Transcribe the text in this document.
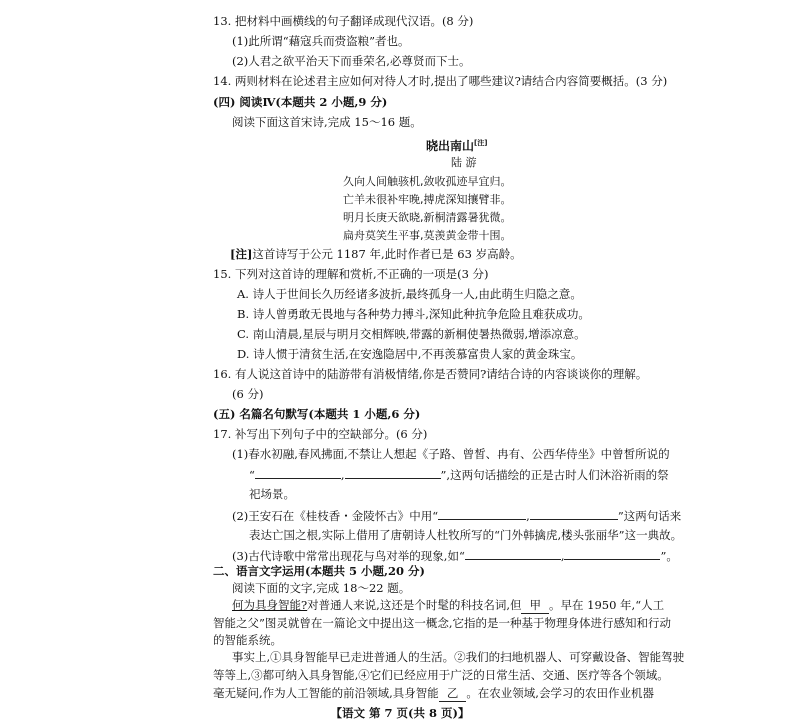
13. 把材料中画横线的句子翻译成现代汉语。(8 分)
(1)此所谓“藉寇兵而赍盗粮”者也。
(2)人君之欲平治天下而垂荣名,必尊贤而下士。
14. 两则材料在论述君主应如何对待人才时,提出了哪些建议?请结合内容简要概括。(3 分)
(四) 阅读Ⅳ(本题共 2 小题,9 分)
阅读下面这首宋诗,完成 15～16 题。
晓出南山[注]
陆 游
久向人间触骇机,敛收孤迹早宜归。
亡羊未很补牢晚,搏虎深知攘臂非。
明月长庚天欲晓,新桐清露暑犹微。
扁舟莫笑生平事,莫羡黄金带十围。
[注]这首诗写于公元 1187 年,此时作者已是 63 岁高龄。
15. 下列对这首诗的理解和赏析,不正确的一项是(3 分)
A. 诗人于世间长久历经诸多波折,最终孤身一人,由此萌生归隐之意。
B. 诗人曾勇敢无畏地与各种势力搏斗,深知此种抗争危险且难获成功。
C. 南山清晨,星辰与明月交相辉映,带露的新桐使暑热微弱,增添凉意。
D. 诗人惯于清贫生活,在安逸隐居中,不再羡慕富贵人家的黄金珠宝。
16. 有人说这首诗中的陆游带有消极情绪,你是否赞同?请结合诗的内容谈谈你的理解。
(6 分)
(五) 名篇名句默写(本题共 1 小题,6 分)
17. 补写出下列句子中的空缺部分。(6 分)
(1)春水初融,春风拂面,不禁让人想起《子路、曾皙、冉有、公西华侍坐》中曾皙所说的
“	,	”,这两句话描绘的正是古时人们沐浴祈雨的祭
祀场景。
(2)王安石在《桂枝香・金陵怀古》中用“	,	”这两句话来
表达亡国之根,实际上借用了唐朝诗人杜牧所写的“门外韩擒虎,楼头张丽华”这一典故。
(3)古代诗歌中常常出现花与鸟对举的现象,如“	,	”。
二、语言文字运用(本题共 5 小题,20 分)
阅读下面的文字,完成 18～22 题。
何为具身智能?对普通人来说,这还是个时髦的科技名词,但 甲 。早在 1950 年,“人工
智能之父”图灵就曾在一篇论文中提出这一概念,它指的是一种基于物理身体进行感知和行动
的智能系统。
事实上,①具身智能早已走进普通人的生活。②我们的扫地机器人、可穿戴设备、智能驾驶
等等上,③都可纳入具身智能,④它们已经应用于广泛的日常生活、交通、医疗等各个领域。
【语文 第 7 页(共 8 页)】
毫无疑问,作为人工智能的前沿领域,具身智能 乙 。在农业领域,会学习的农田作业机器
